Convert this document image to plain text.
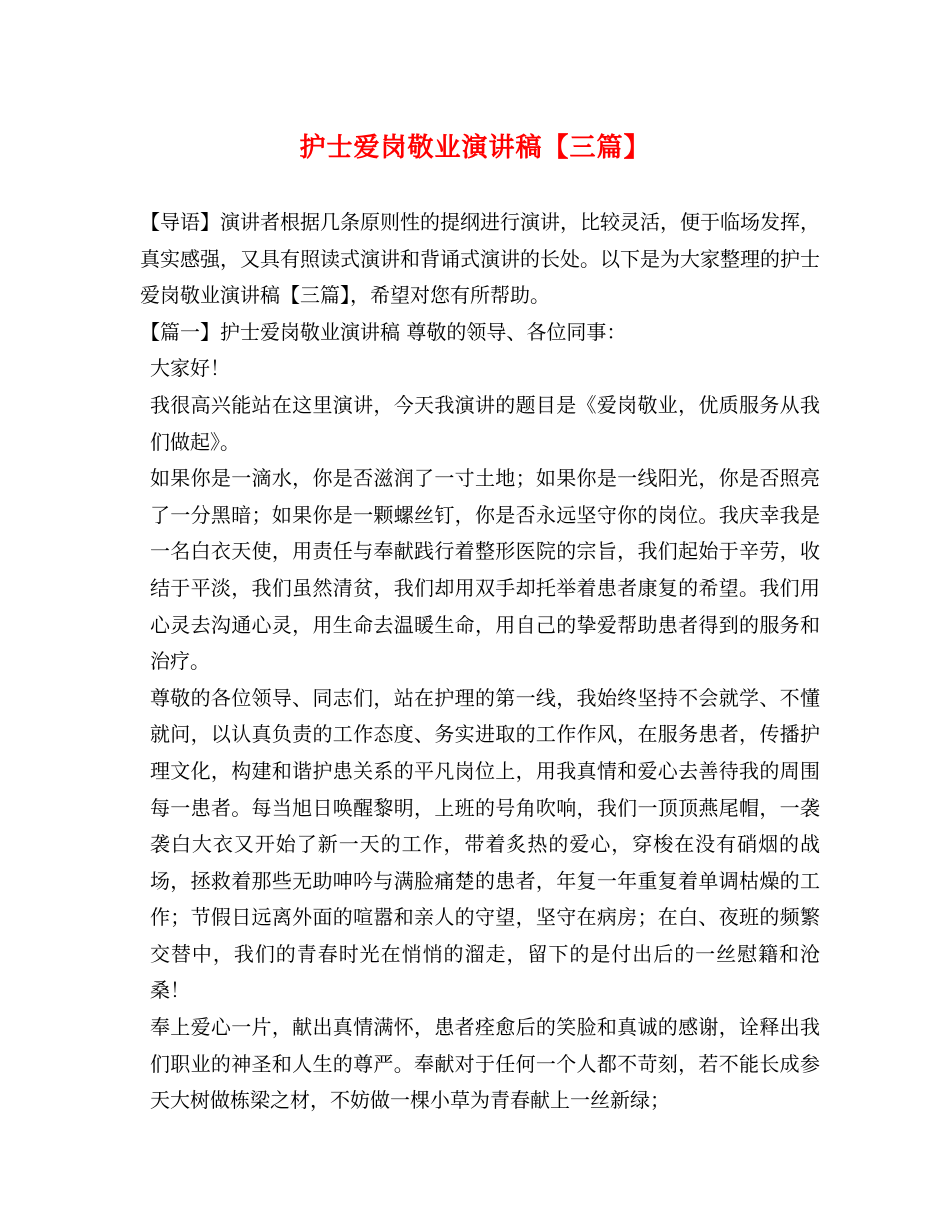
护士爱岗敬业演讲稿【三篇】

【导语】演讲者根据几条原则性的提纲进行演讲，比较灵活，便于临场发挥，真实感强，又具有照读式演讲和背诵式演讲的长处。以下是为大家整理的护士爱岗敬业演讲稿【三篇】，希望对您有所帮助。

【篇一】护士爱岗敬业演讲稿 尊敬的领导、各位同事：

大家好！

我很高兴能站在这里演讲，今天我演讲的题目是《爱岗敬业，优质服务从我们做起》。

如果你是一滴水，你是否滋润了一寸土地；如果你是一线阳光，你是否照亮了一分黑暗；如果你是一颗螺丝钉，你是否永远坚守你的岗位。我庆幸我是一名白衣天使，用责任与奉献践行着整形医院的宗旨，我们起始于辛劳，收结于平淡，我们虽然清贫，我们却用双手却托举着患者康复的希望。我们用心灵去沟通心灵，用生命去温暖生命，用自己的挚爱帮助患者得到的服务和治疗。

尊敬的各位领导、同志们，站在护理的第一线，我始终坚持不会就学、不懂就问，以认真负责的工作态度、务实进取的工作作风，在服务患者，传播护理文化，构建和谐护患关系的平凡岗位上，用我真情和爱心去善待我的周围每一患者。每当旭日唤醒黎明，上班的号角吹响，我们一顶顶燕尾帽，一袭袭白大衣又开始了新一天的工作，带着炙热的爱心，穿梭在没有硝烟的战场，拯救着那些无助呻吟与满脸痛楚的患者，年复一年重复着单调枯燥的工作；节假日远离外面的喧嚣和亲人的守望，坚守在病房；在白、夜班的频繁交替中，我们的青春时光在悄悄的溜走，留下的是付出后的一丝慰籍和沧桑！

奉上爱心一片，献出真情满怀，患者痊愈后的笑脸和真诚的感谢，诠释出我们职业的神圣和人生的尊严。奉献对于任何一个人都不苛刻，若不能长成参天大树做栋梁之材，不妨做一棵小草为青春献上一丝新绿；
